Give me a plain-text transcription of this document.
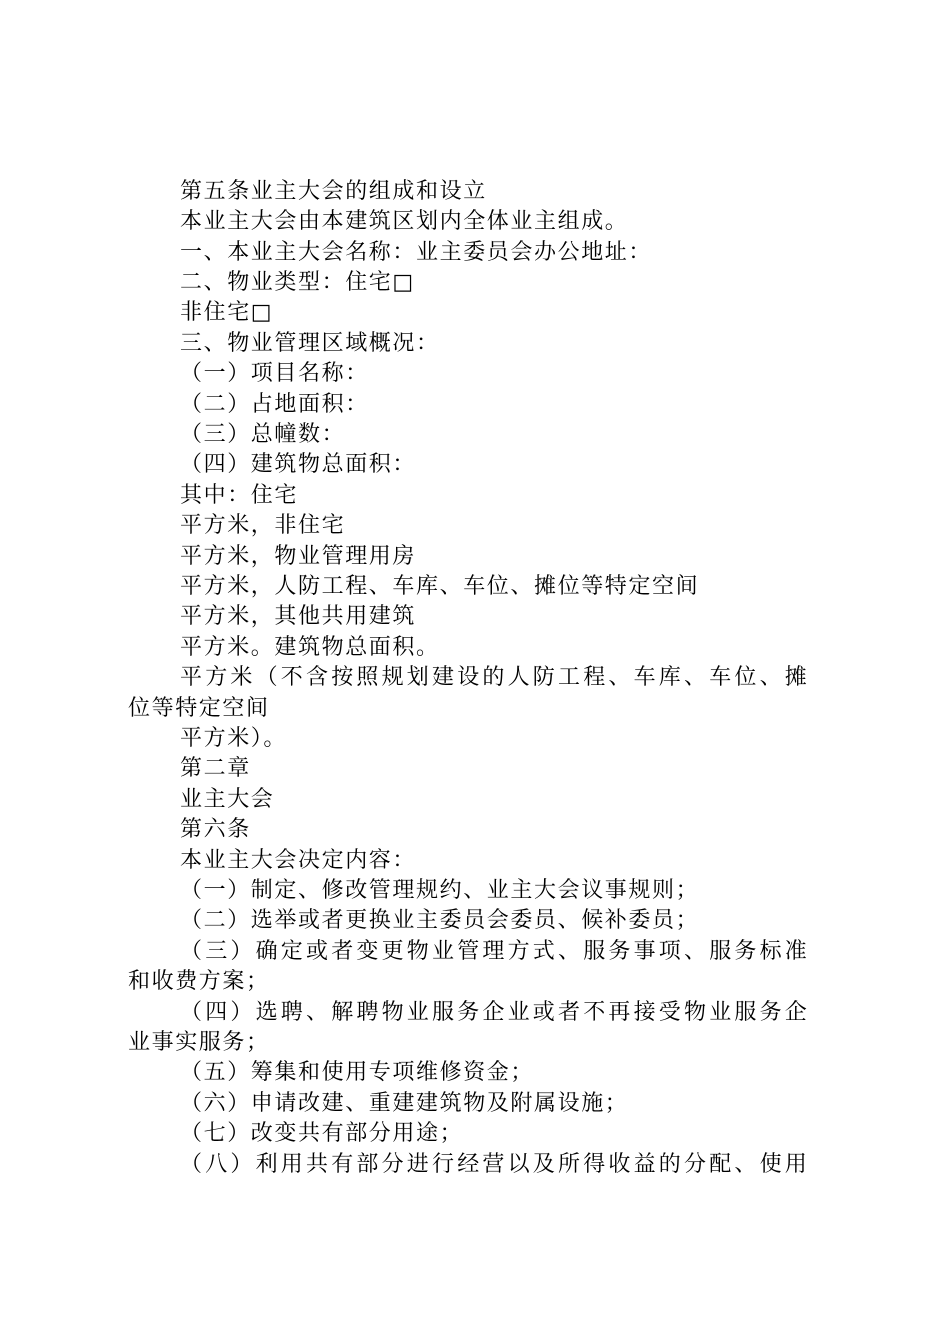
第五条业主大会的组成和设立
本业主大会由本建筑区划内全体业主组成。
一、本业主大会名称：业主委员会办公地址：
二、物业类型：住宅□
非住宅□
三、物业管理区域概况：
（一）项目名称：
（二）占地面积：
（三）总幢数：
（四）建筑物总面积：
其中：住宅
平方米，非住宅
平方米，物业管理用房
平方米，人防工程、车库、车位、摊位等特定空间
平方米，其他共用建筑
平方米。建筑物总面积。
平方米（不含按照规划建设的人防工程、车库、车位、摊
位等特定空间
平方米）。
第二章
业主大会
第六条
本业主大会决定内容：
（一）制定、修改管理规约、业主大会议事规则；
（二）选举或者更换业主委员会委员、候补委员；
（三）确定或者变更物业管理方式、服务事项、服务标准
和收费方案；
（四）选聘、解聘物业服务企业或者不再接受物业服务企
业事实服务；
（五）筹集和使用专项维修资金；
（六）申请改建、重建建筑物及附属设施；
（七）改变共有部分用途；
（八）利用共有部分进行经营以及所得收益的分配、使用
